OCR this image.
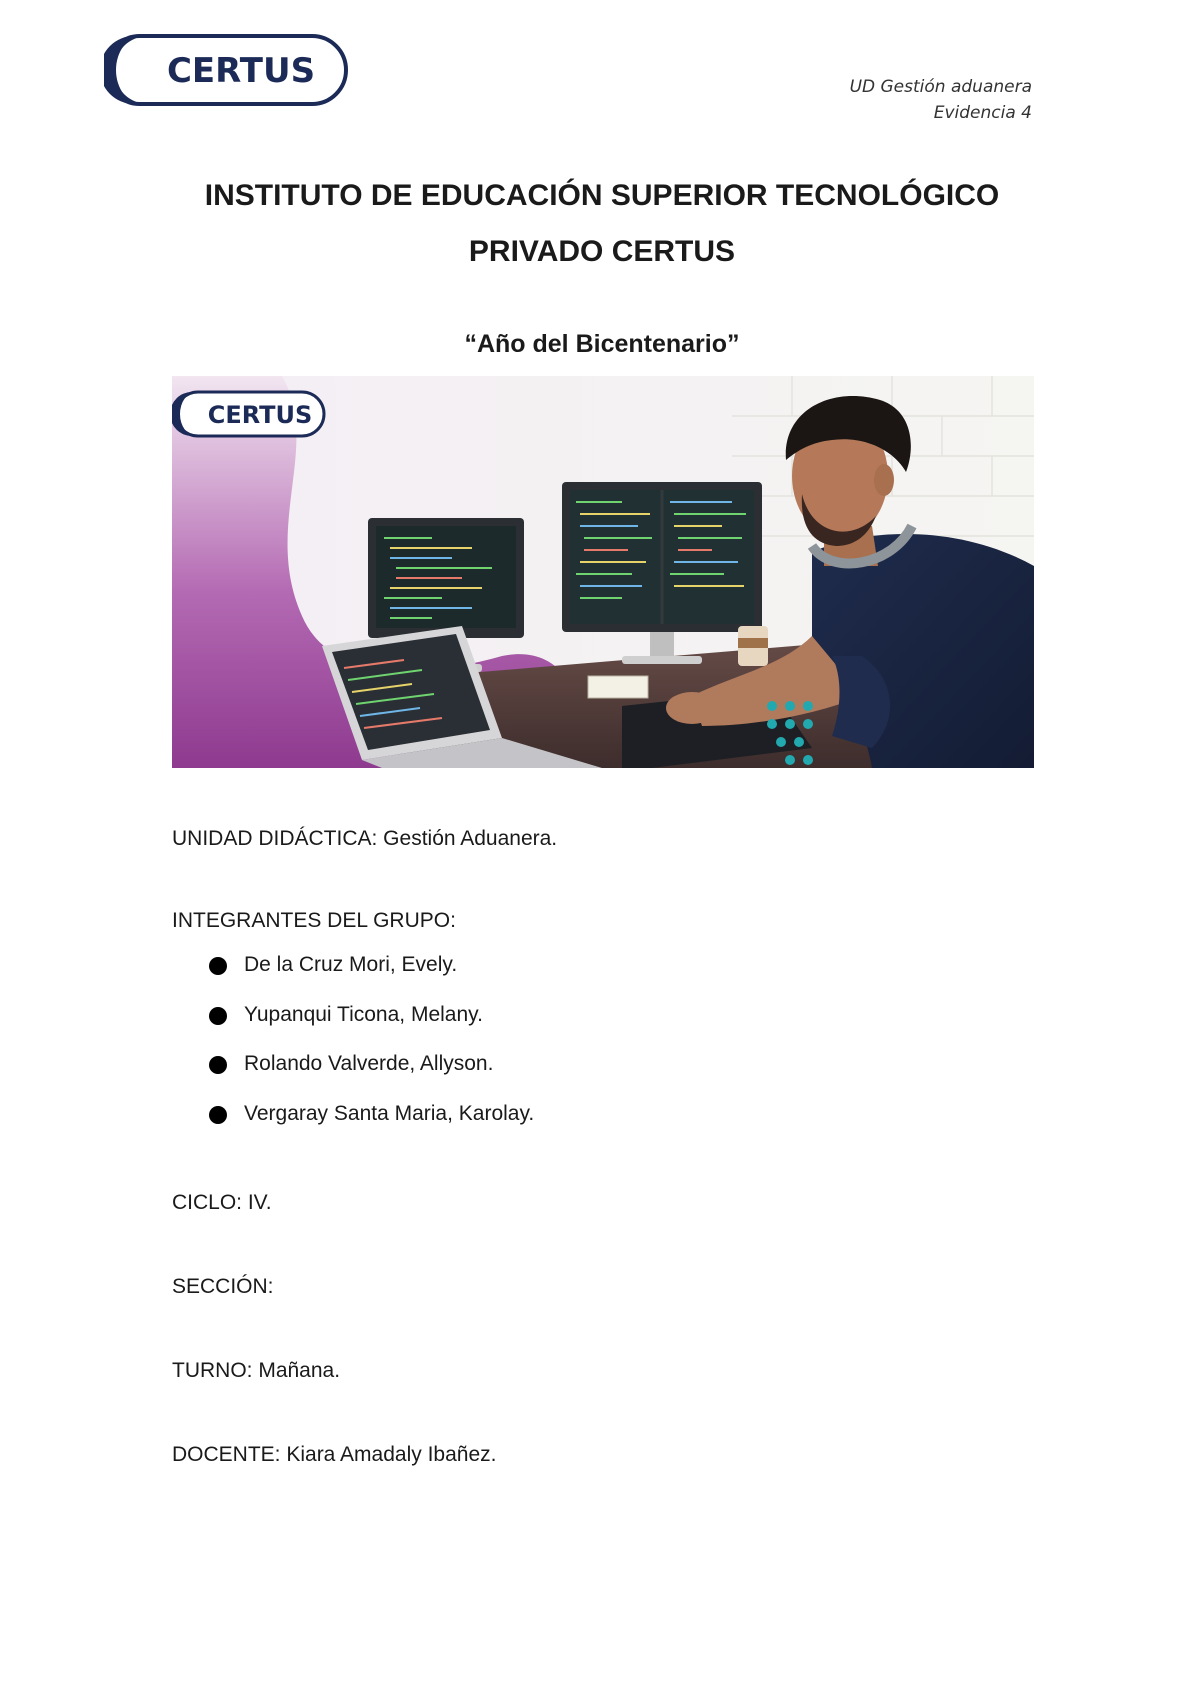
CERTUS	UD Gestión aduanera
Evidencia 4
INSTITUTO DE EDUCACIÓN SUPERIOR TECNOLÓGICO
PRIVADO CERTUS
“Año del Bicentenario”
CERTUS
UNIDAD DIDÁCTICA: Gestión Aduanera.
INTEGRANTES DEL GRUPO:
De la Cruz Mori, Evely.
Yupanqui Ticona, Melany.
Rolando Valverde, Allyson.
Vergaray Santa Maria, Karolay.
CICLO: IV.
SECCIÓN:
TURNO: Mañana.
DOCENTE: Kiara Amadaly Ibañez.
